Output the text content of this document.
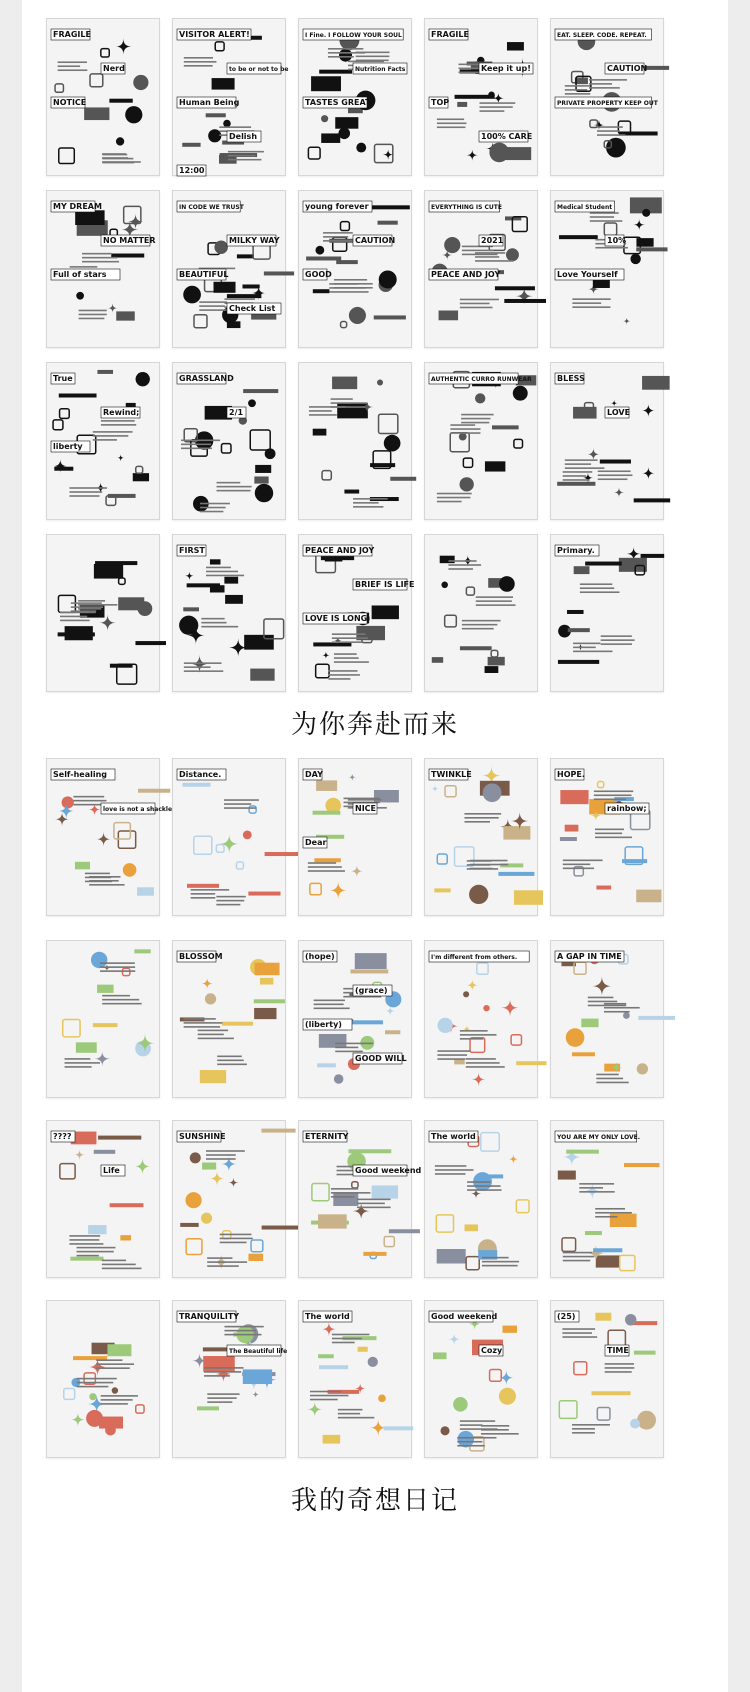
FRAGILE
Nerd
NOTICE
VISITOR ALERT!
to be or not to be
Human Being
Delish
12:00
I Fine. I FOLLOW YOUR SOUL
Nutrition Facts
TASTES GREAT
FRAGILE
Keep it up!
TOP
100% CARE
EAT. SLEEP. CODE. REPEAT.
CAUTION
PRIVATE PROPERTY KEEP OUT
MY DREAM
NO MATTER
Full of stars
IN CODE WE TRUST
MILKY WAY
BEAUTIFUL
Check List
young forever
CAUTION
GOOD
EVERYTHING IS CUTE
2021
PEACE AND JOY
Medical Student
10%
Love Yourself
True
Rewind;
liberty
GRASSLAND
2/1
AUTHENTIC CURRO RUNWEAR	BLESS
LOVE
FIRST	PEACE AND JOY
BRIEF IS LIFE
LOVE IS LONG
Primary.
为你奔赴而来
Self-healing
love is not a shackle
Distance.	DAY
NICE
Dear
TWINKLE	HOPE.
rainbow;
BLOSSOM	(hope)
(grace)
(liberty)
GOOD WILL
I'm different from others.	A GAP IN TIME
????
Life
SUNSHINE	ETERNITY
Good weekend
The world	YOU ARE MY ONLY LOVE.
TRANQUILITY
The Beautiful life
The world	Good weekend
Cozy
(25)
TIME
我的奇想日记
